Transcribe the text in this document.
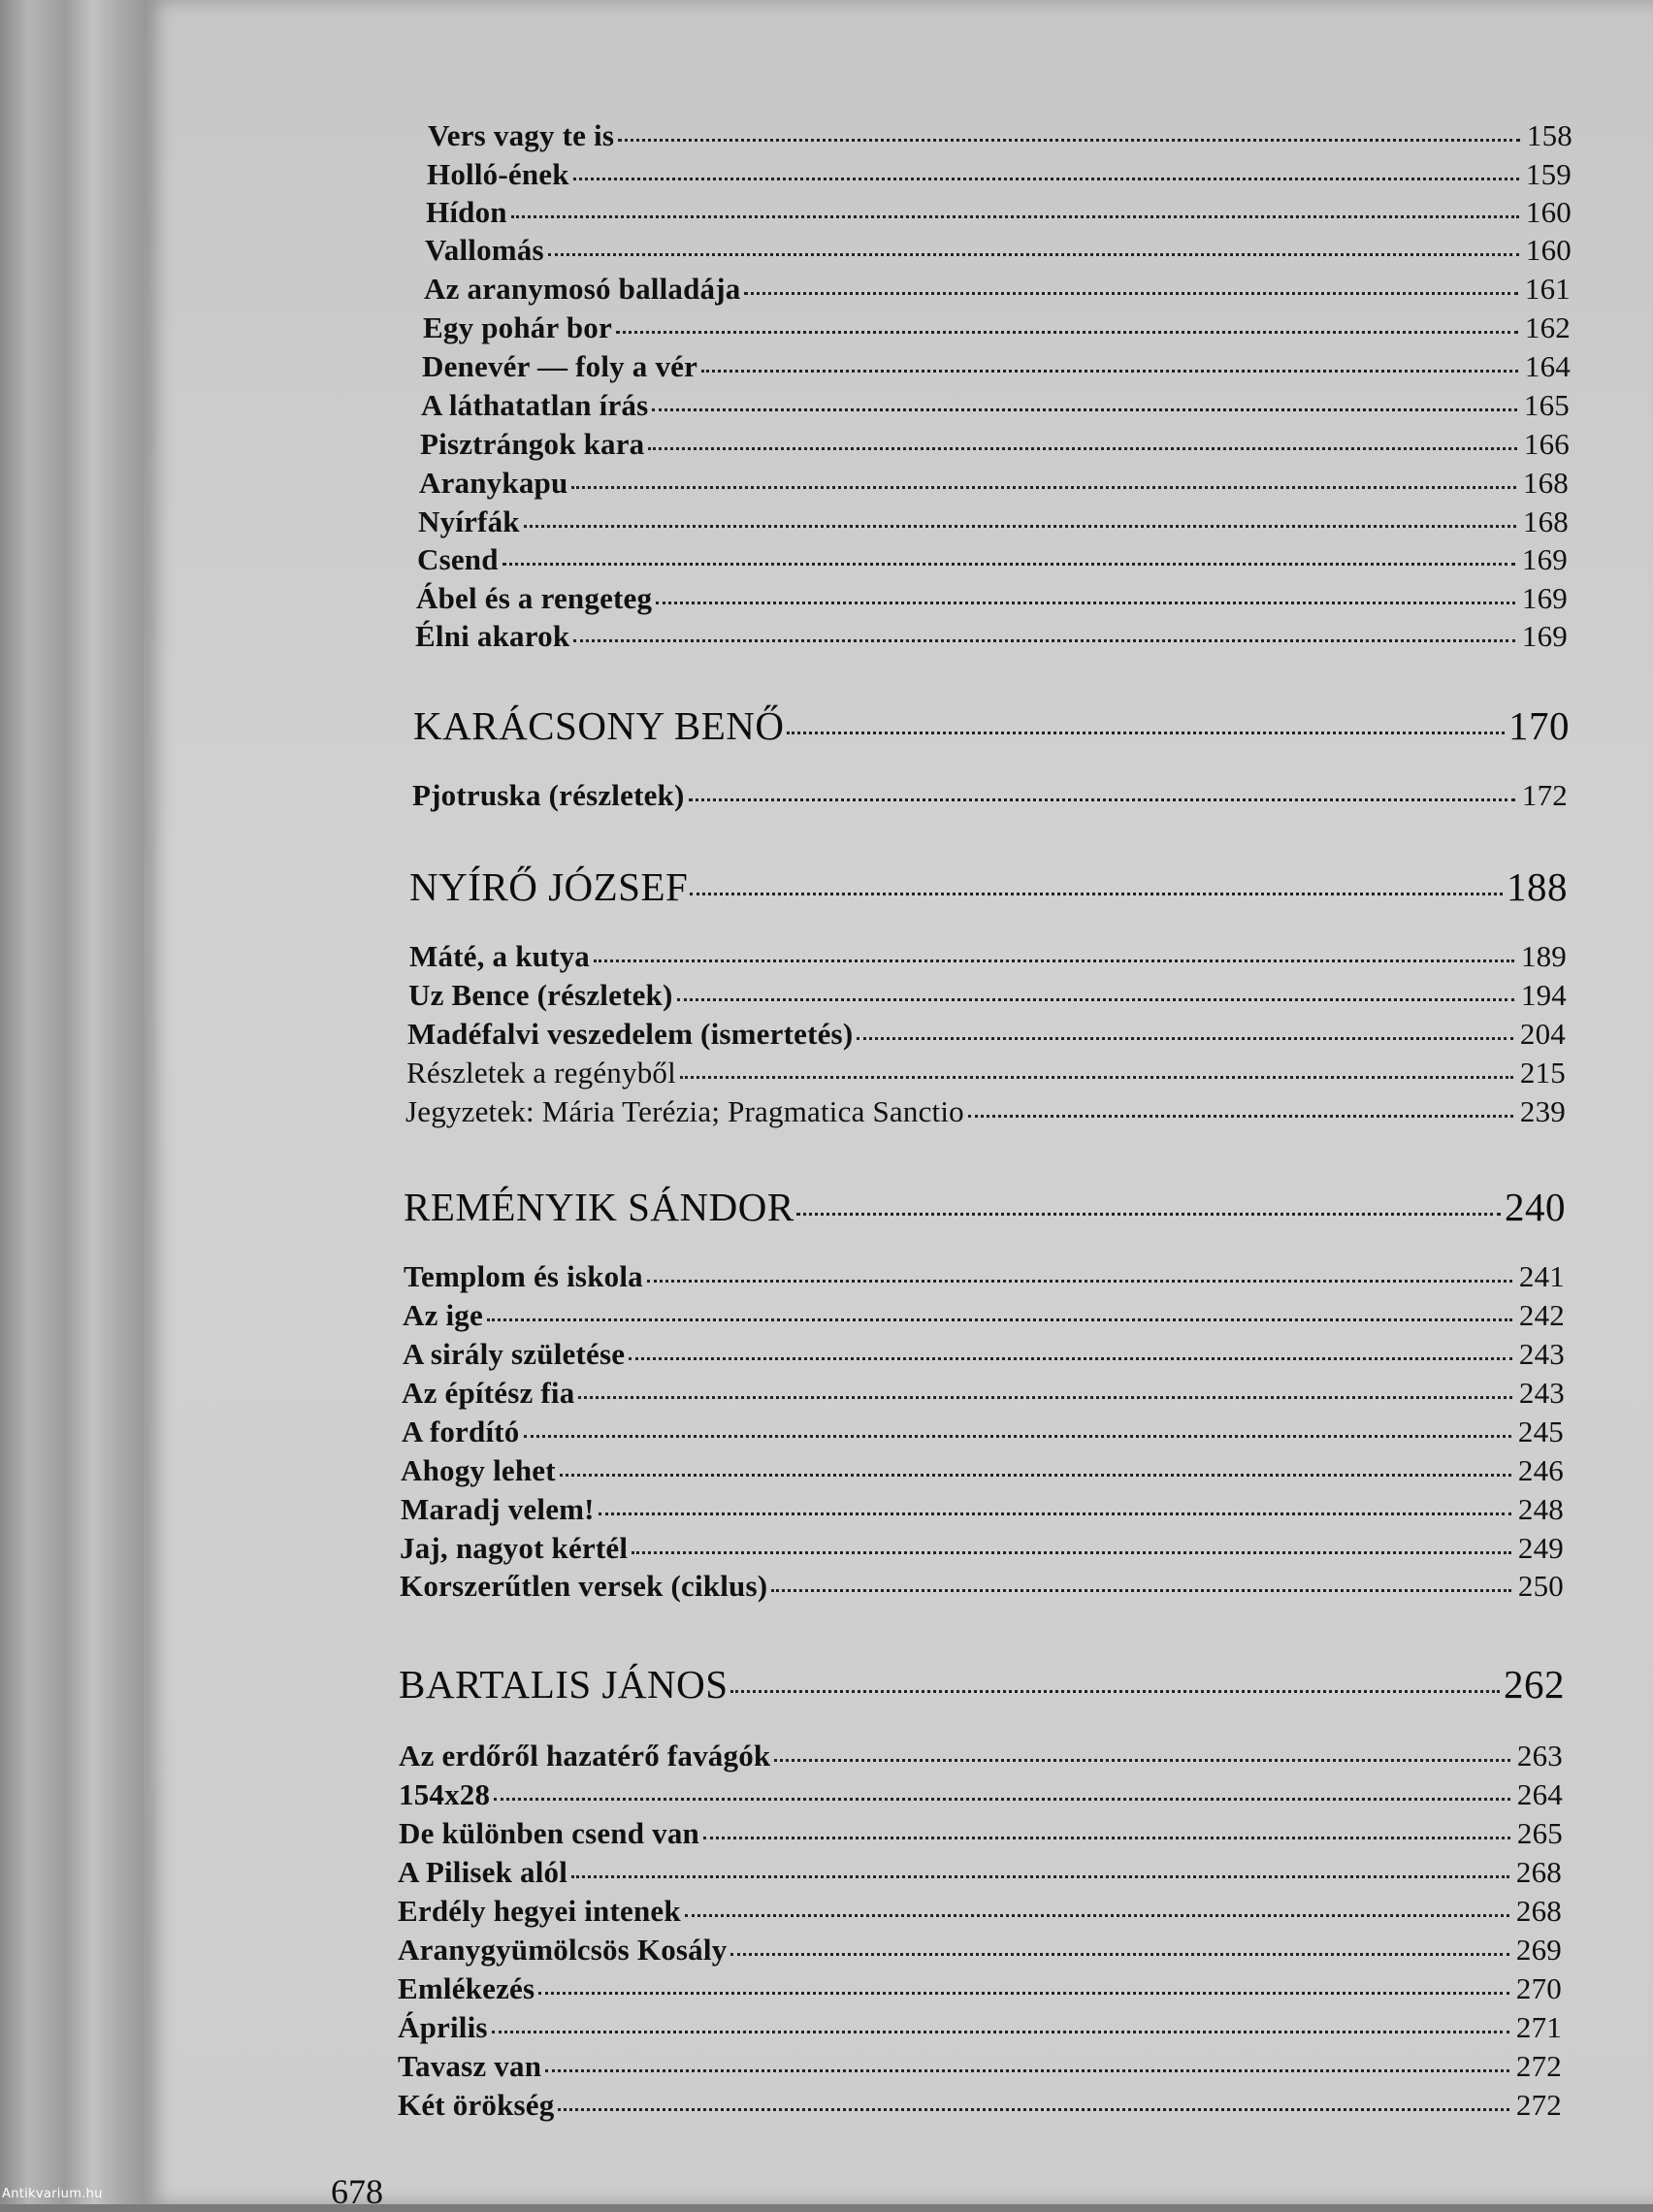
Vers vagy te is	158
Holló-ének	159
Hídon	160
Vallomás	160
Az aranymosó balladája	161
Egy pohár bor	162
Denevér — foly a vér	164
A láthatatlan írás	165
Pisztrángok kara	166
Aranykapu	168
Nyírfák	168
Csend	169
Ábel és a rengeteg	169
Élni akarok	169
KARÁCSONY BENŐ	170
Pjotruska (részletek)	172
NYÍRŐ JÓZSEF	188
Máté, a kutya	189
Uz Bence (részletek)	194
Madéfalvi veszedelem (ismertetés)	204
Részletek a regényből	215
Jegyzetek: Mária Terézia; Pragmatica Sanctio	239
REMÉNYIK SÁNDOR	240
Templom és iskola	241
Az ige	242
A sirály születése	243
Az építész fia	243
A fordító	245
Ahogy lehet	246
Maradj velem!	248
Jaj, nagyot kértél	249
Korszerűtlen versek (ciklus)	250
BARTALIS JÁNOS	262
Az erdőről hazatérő favágók	263
154x28	264
De különben csend van	265
A Pilisek alól	268
Erdély hegyei intenek	268
Aranygyümölcsös Kosály	269
Emlékezés	270
Április	271
Tavasz van	272
Két örökség	272
678
Antikvarium.hu
